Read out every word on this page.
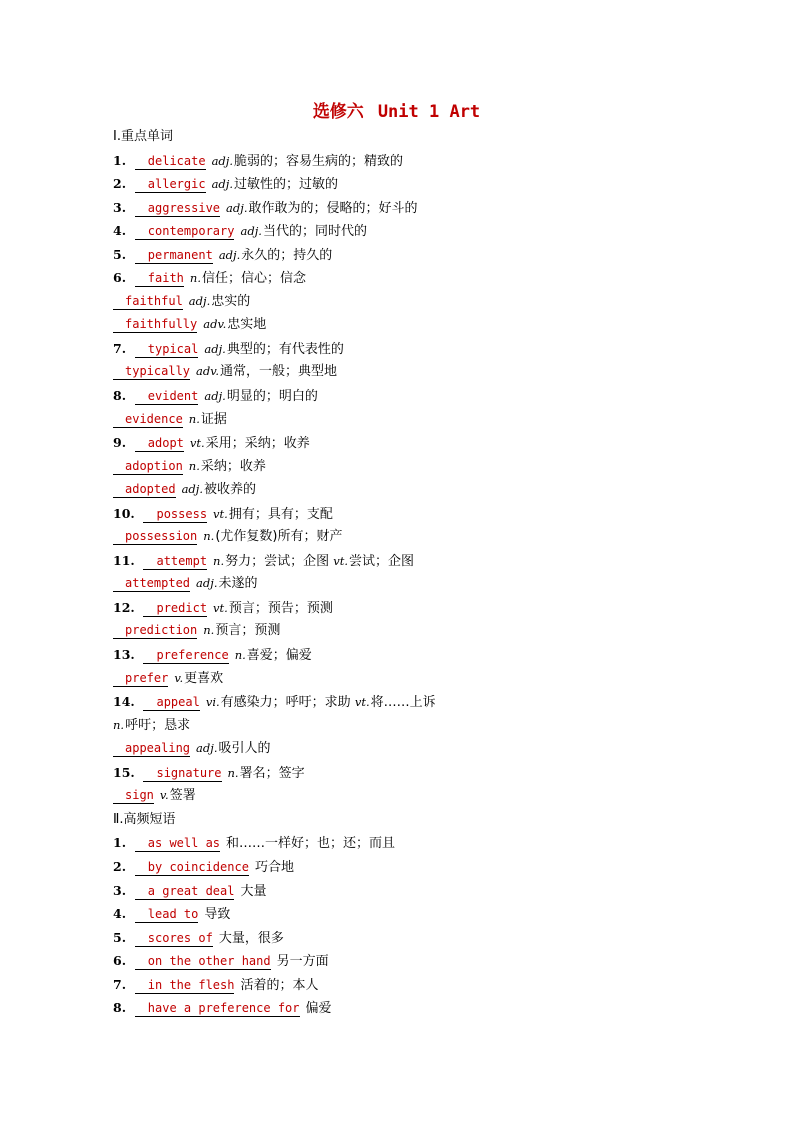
选修六 Unit 1 Art
Ⅰ.重点单词
1. delicate adj.脆弱的；容易生病的；精致的
2. allergic adj.过敏性的；过敏的
3. aggressive adj.敢作敢为的；侵略的；好斗的
4. contemporary adj.当代的；同时代的
5. permanent adj.永久的；持久的
6. faith n.信任；信心；信念
faithful adj.忠实的
faithfully adv.忠实地
7. typical adj.典型的；有代表性的
typically adv.通常，一般；典型地
8. evident adj.明显的；明白的
evidence n.证据
9. adopt vt.采用；采纳；收养
adoption n.采纳；收养
adopted adj.被收养的
10. possess vt.拥有；具有；支配
possession n.(尤作复数)所有；财产
11. attempt n.努力；尝试；企图 vt.尝试；企图
attempted adj.未遂的
12. predict vt.预言；预告；预测
prediction n.预言；预测
13. preference n.喜爱；偏爱
prefer v.更喜欢
14. appeal vi.有感染力；呼吁；求助 vt.将……上诉
n.呼吁；恳求
appealing adj.吸引人的
15. signature n.署名；签字
sign v.签署
Ⅱ.高频短语
1. as well as 和……一样好；也；还；而且
2. by coincidence 巧合地
3. a great deal 大量
4. lead to 导致
5. scores of 大量，很多
6. on the other hand 另一方面
7. in the flesh 活着的；本人
8. have a preference for 偏爱
